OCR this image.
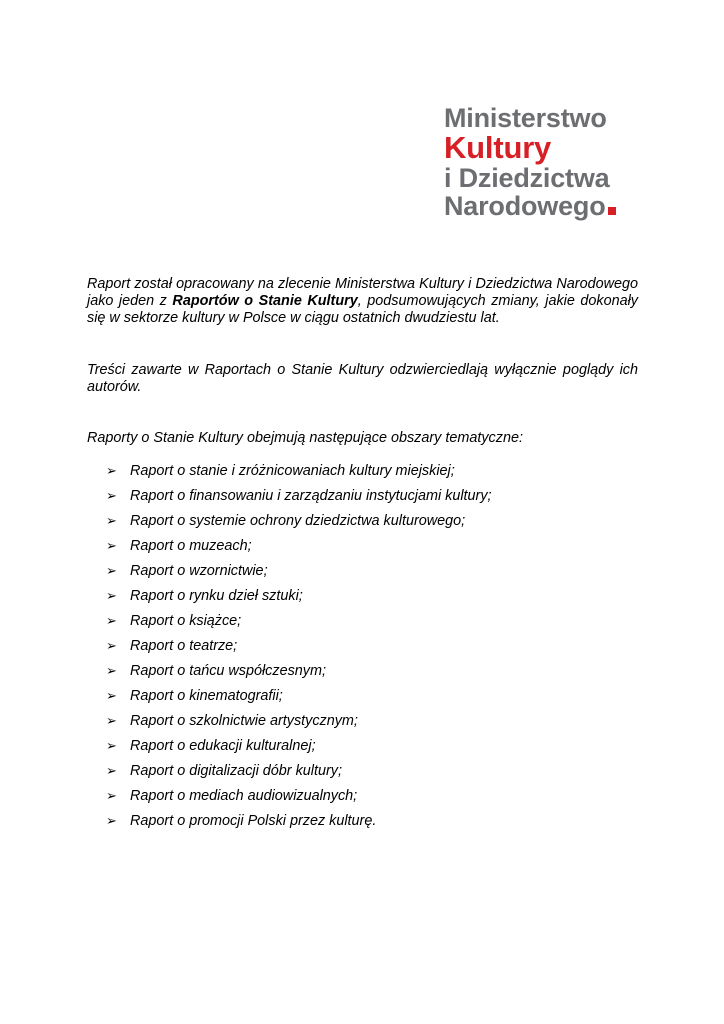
Ministerstwo
Kultury
i Dziedzictwa
Narodowego

Raport został opracowany na zlecenie Ministerstwa Kultury i Dziedzictwa Narodowego jako jeden z Raportów o Stanie Kultury, podsumowujących zmiany, jakie dokonały się w sektorze kultury w Polsce w ciągu ostatnich dwudziestu lat.

Treści zawarte w Raportach o Stanie Kultury odzwierciedlają wyłącznie poglądy ich autorów.

Raporty o Stanie Kultury obejmują następujące obszary tematyczne:

➢ Raport o stanie i zróżnicowaniach kultury miejskiej;
➢ Raport o finansowaniu i zarządzaniu instytucjami kultury;
➢ Raport o systemie ochrony dziedzictwa kulturowego;
➢ Raport o muzeach;
➢ Raport o wzornictwie;
➢ Raport o rynku dzieł sztuki;
➢ Raport o książce;
➢ Raport o teatrze;
➢ Raport o tańcu współczesnym;
➢ Raport o kinematografii;
➢ Raport o szkolnictwie artystycznym;
➢ Raport o edukacji kulturalnej;
➢ Raport o digitalizacji dóbr kultury;
➢ Raport o mediach audiowizualnych;
➢ Raport o promocji Polski przez kulturę.
